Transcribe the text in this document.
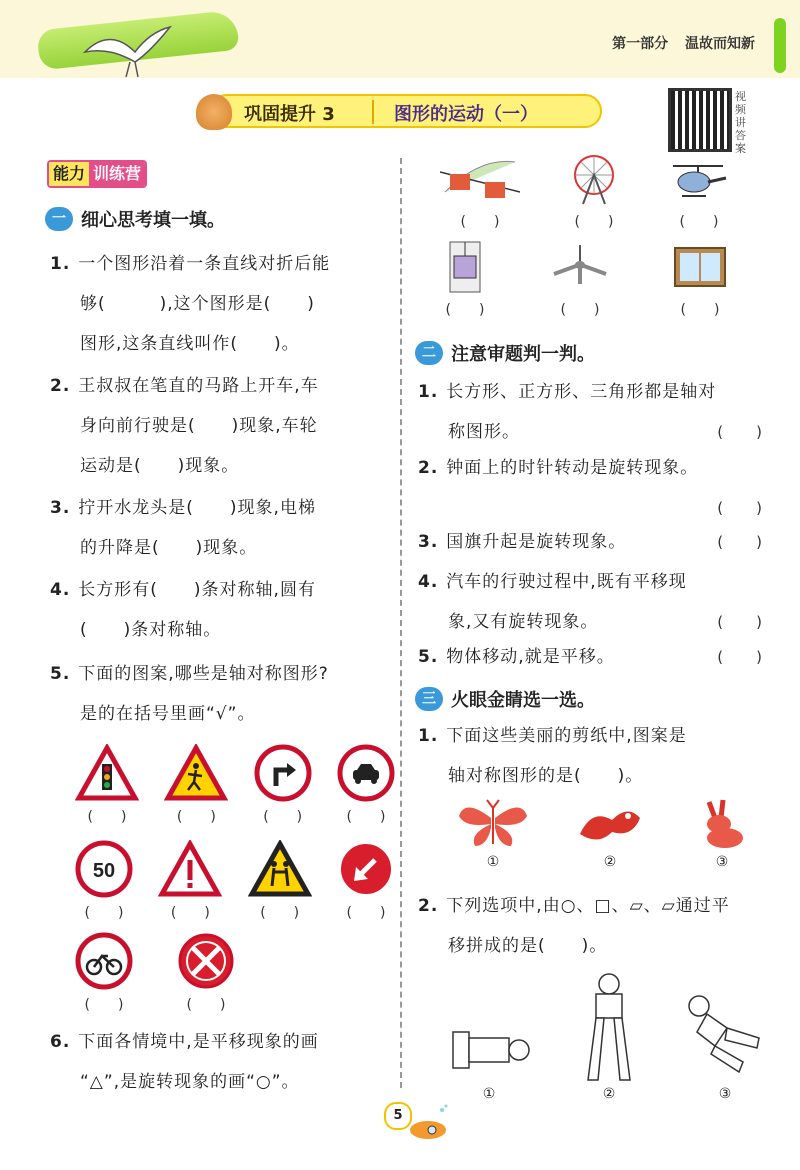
第一部分 温故而知新
巩固提升 3	图形的运动（一）
视频讲答案
能力 训练营
一 细心思考填一填。
1. 一个图形沿着一条直线对折后能
够(　　　),这个图形是(　　)
图形,这条直线叫作(　　)。
2. 王叔叔在笔直的马路上开车,车
身向前行驶是(　　)现象,车轮
运动是(　　)现象。
3. 拧开水龙头是(　　)现象,电梯
的升降是(　　)现象。
4. 长方形有(　　)条对称轴,圆有
(　　)条对称轴。
5. 下面的图案,哪些是轴对称图形?
是的在括号里画“√”。
(　　)	(　　)	(　　)	(　　)
50
(　　)	(　　)	(　　)	(　　)
(　　)	(　　)
6. 下面各情境中,是平移现象的画
“△”,是旋转现象的画“○”。
(　　)	(　　)	(　　)
(　　)	(　　)	(　　)
二 注意审题判一判。
1. 长方形、正方形、三角形都是轴对
称图形。	(　　)
2. 钟面上的时针转动是旋转现象。
(　　)
3. 国旗升起是旋转现象。	(　　)
4. 汽车的行驶过程中,既有平移现
象,又有旋转现象。	(　　)
5. 物体移动,就是平移。	(　　)
三 火眼金睛选一选。
1. 下面这些美丽的剪纸中,图案是
轴对称图形的是(　　)。
①	②	③
2. 下列选项中,由○、□、▱、▱通过平
移拼成的是(　　)。
①	②	③
5
